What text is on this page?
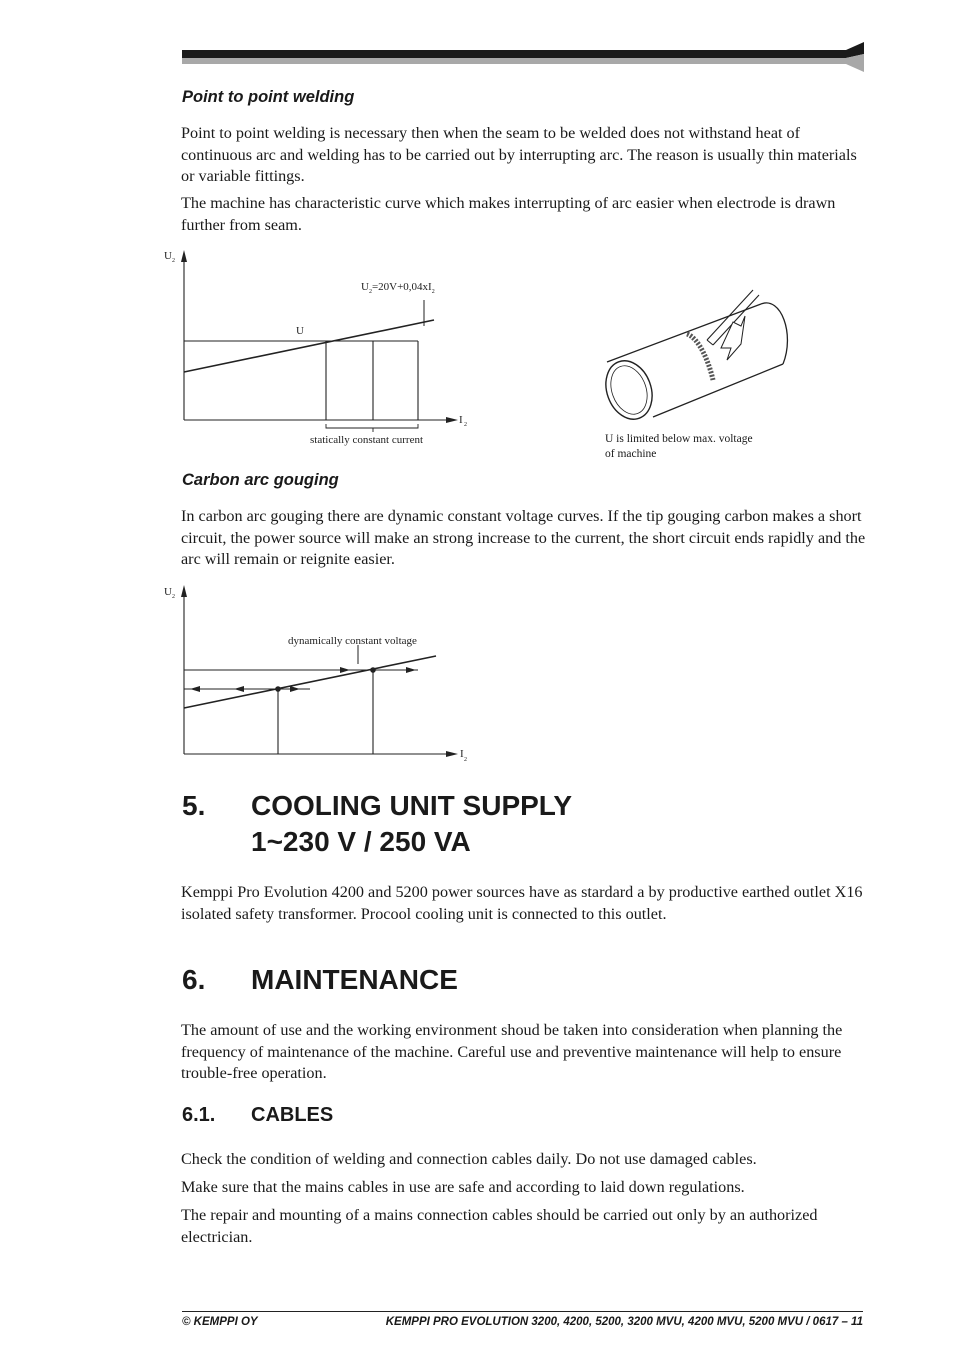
Point to point welding

Point to point welding is necessary then when the seam to be welded does not withstand heat of continuous arc and welding has to be carried out by interrupting arc. The reason is usually thin materials or variable fittings.

The machine has characteristic curve which makes interrupting of arc easier when electrode is drawn further from seam.

U 2
I 2
$U_2=20V+0,04xI_2$
U
statically constant current	U is limited below max. voltage
of machine
Carbon arc gouging

In carbon arc gouging there are dynamic constant voltage curves. If the tip gouging carbon makes a short circuit, the power source will make an strong increase to the current, the short circuit ends rapidly and the arc will remain or reignite easier.

U 2
I 2
dynamically constant voltage
5. COOLING UNIT SUPPLY
1~230 V / 250 VA

Kemppi Pro Evolution 4200 and 5200 power sources have as stardard a by productive earthed outlet X16 isolated safety transformer. Procool cooling unit is connected to this outlet.

6. MAINTENANCE

The amount of use and the working environment shoud be taken into consideration when planning the frequency of maintenance of the machine. Careful use and preventive maintenance will help to ensure trouble-free operation.

6.1. CABLES

Check the condition of welding and connection cables daily. Do not use damaged cables.

Make sure that the mains cables in use are safe and according to laid down regulations.

The repair and mounting of a mains connection cables should be carried out only by an authorized electrician.

© KEMPPI OY	KEMPPI PRO EVOLUTION 3200, 4200, 5200, 3200 MVU, 4200 MVU, 5200 MVU / 0617 – 11
